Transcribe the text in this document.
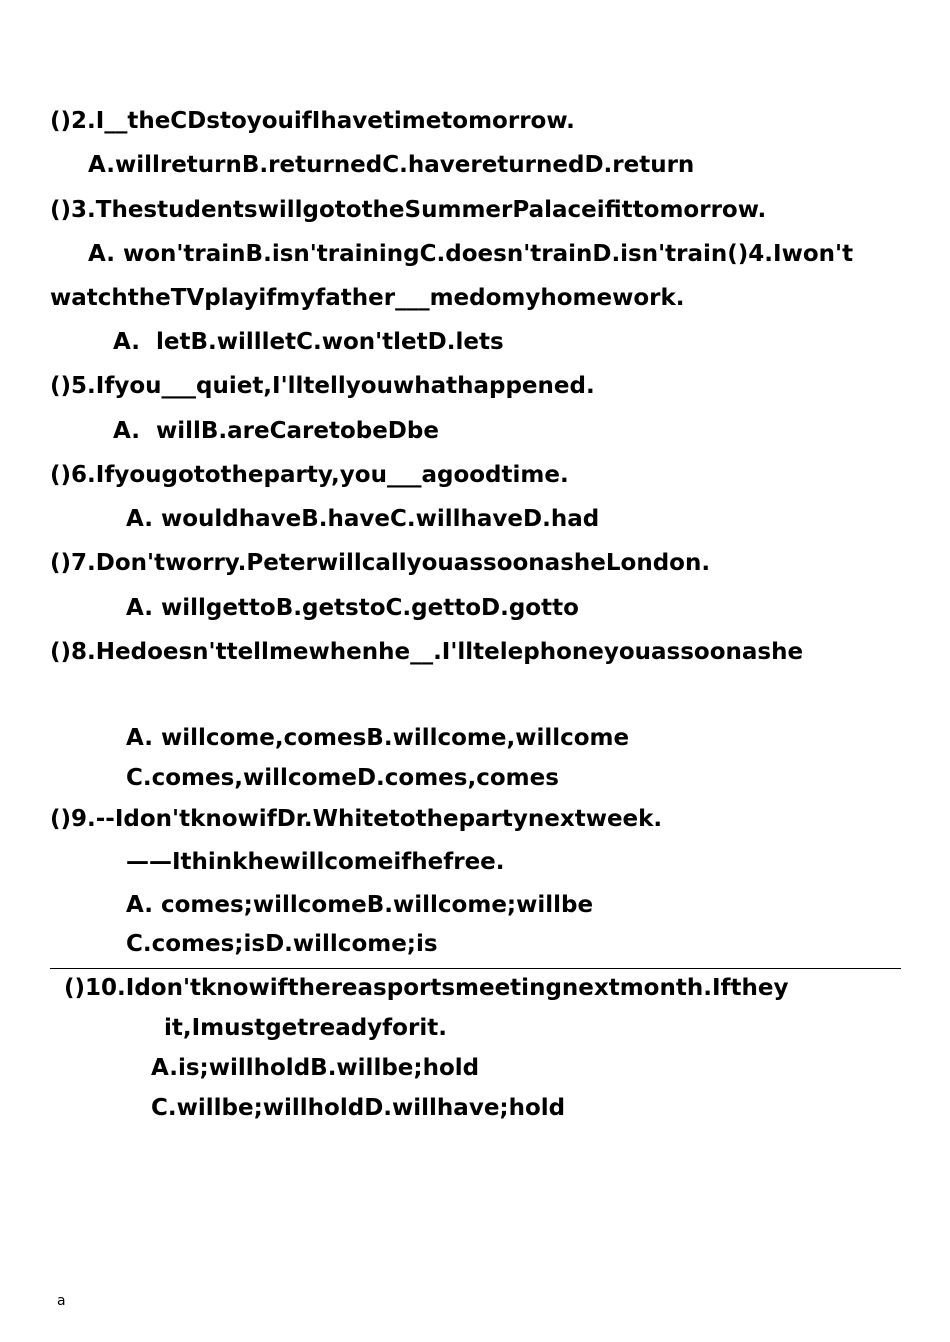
()2.I__theCDstoyouifIhavetimetomorrow.
A.willreturnB.returnedC.havereturnedD.return
()3.ThestudentswillgototheSummerPalaceifittomorrow.
A. won'trainB.isn'trainingC.doesn'trainD.isn'train()4.Iwon't
watchtheTVplayifmyfather___medomyhomework.
A.  letB.willletC.won'tletD.lets
()5.Ifyou___quiet,I'lltellyouwhathappened.
A.  willB.areCaretobeDbe
()6.Ifyougototheparty,you___agoodtime.
A. wouldhaveB.haveC.willhaveD.had
()7.Don'tworry.PeterwillcallyouassoonasheLondon.
A. willgettoB.getstoC.gettoD.gotto
()8.Hedoesn'ttellmewhenhe__.I'lltelephoneyouassoonashe
A. willcome,comesB.willcome,willcome
C.comes,willcomeD.comes,comes
()9.--Idon'tknowifDr.Whitetothepartynextweek.
——Ithinkhewillcomeifhefree.
A. comes;willcomeB.willcome;willbe
C.comes;isD.willcome;is
()10.Idon'tknowifthereasportsmeetingnextmonth.Ifthey
it,Imustgetreadyforit.
A.is;willholdB.willbe;hold
C.willbe;willholdD.willhave;hold
a
